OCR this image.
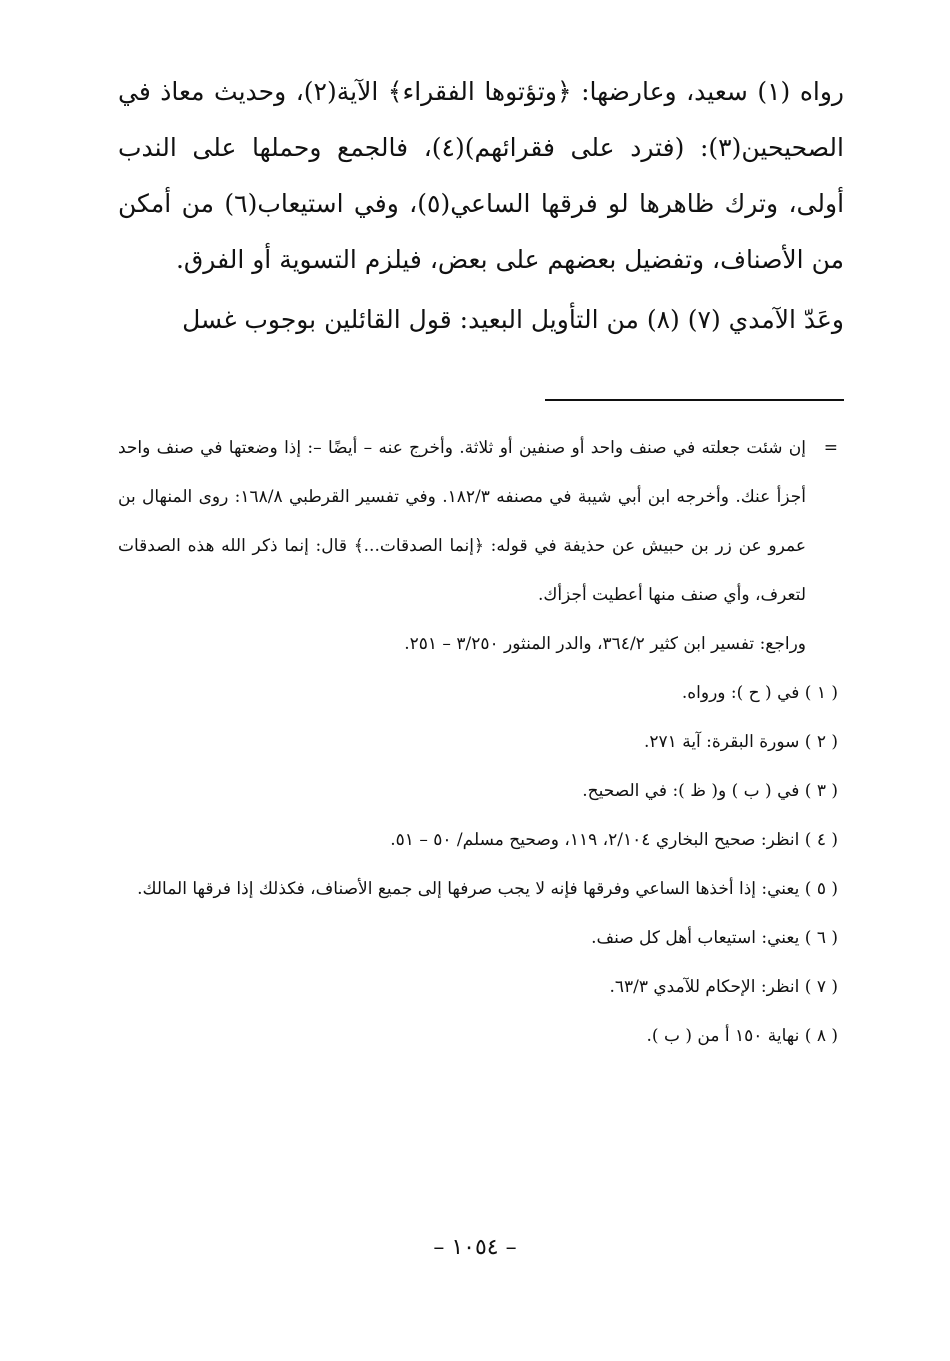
رواه (١) سعيد، وعارضها: ﴿وتؤتوها الفقراء﴾ الآية(٢)، وحديث معاذ في الصحيحين(٣): (فترد على فقرائهم)(٤)، فالجمع وحملها على الندب أولى، وترك ظاهرها لو فرقها الساعي(٥)، وفي استيعاب(٦) من أمكن من الأصناف، وتفضيل بعضهم على بعض، فيلزم التسوية أو الفرق.

وعَدّ الآمدي (٧) (٨) من التأويل البعيد: قول القائلين بوجوب غسل

=
إن شئت جعلته في صنف واحد أو صنفين أو ثلاثة. وأخرج عنه – أيضًا –: إذا وضعتها في صنف واحد أجزأ عنك. وأخرجه ابن أبي شيبة في مصنفه ١٨٢/٣. وفي تفسير القرطبي ١٦٨/٨: روى المنهال بن عمرو عن زر بن حبيش عن حذيفة في قوله: ﴿إنما الصدقات...﴾ قال: إنما ذكر الله هذه الصدقات لتعرف، وأي صنف منها أعطيت أجزأك.

وراجع: تفسير ابن كثير ٣٦٤/٢، والدر المنثور ٣/٢٥٠ – ٢٥١.

( ١ ) في ( ح ): ورواه.

( ٢ ) سورة البقرة: آية ٢٧١.

( ٣ ) في ( ب ) و( ظ ): في الصحيح.

( ٤ ) انظر: صحيح البخاري ٢/١٠٤، ١١٩، وصحيح مسلم/ ٥٠ – ٥١.

( ٥ ) يعني: إذا أخذها الساعي وفرقها فإنه لا يجب صرفها إلى جميع الأصناف، فكذلك إذا فرقها المالك.

( ٦ ) يعني: استيعاب أهل كل صنف.

( ٧ ) انظر: الإحكام للآمدي ٦٣/٣.

( ٨ ) نهاية ١٥٠ أ من ( ب ).

– ١٠٥٤ –
